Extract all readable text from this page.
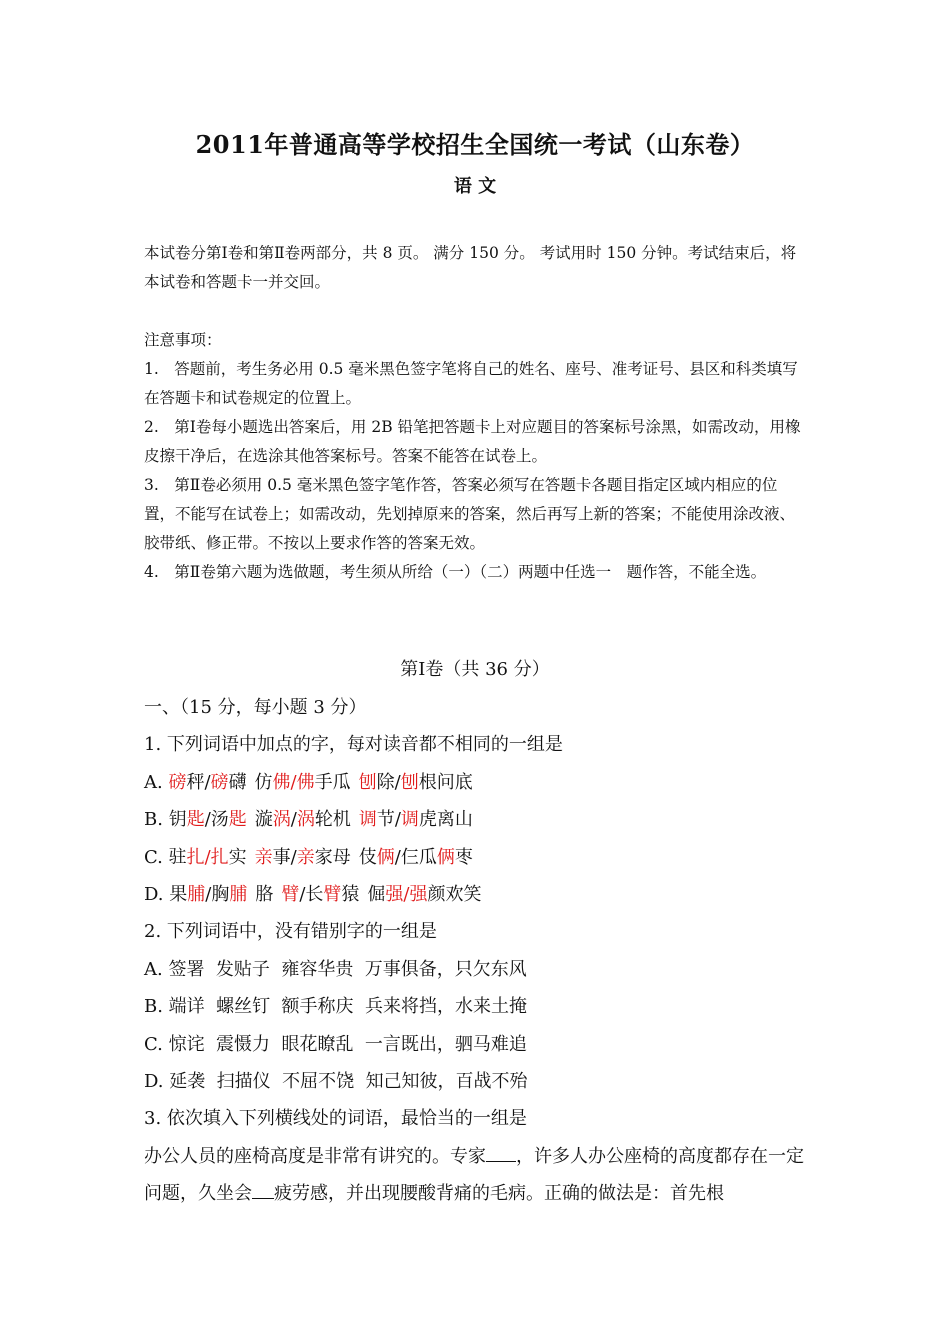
2011年普通高等学校招生全国统一考试（山东卷）
语 文
本试卷分第Ⅰ卷和第Ⅱ卷两部分，共 8 页。 满分 150 分。 考试用时 150 分钟。考试结束后，将本试卷和答题卡一并交回。

注意事项：

1.　答题前，考生务必用 0.5 毫米黑色签字笔将自己的姓名、座号、准考证号、县区和科类填写在答题卡和试卷规定的位置上。

2.　第Ⅰ卷每小题选出答案后，用 2B 铅笔把答题卡上对应题目的答案标号涂黑，如需改动，用橡皮擦干净后，在选涂其他答案标号。答案不能答在试卷上。

3.　第Ⅱ卷必须用 0.5 毫米黑色签字笔作答，答案必须写在答题卡各题目指定区域内相应的位置，不能写在试卷上；如需改动，先划掉原来的答案，然后再写上新的答案；不能使用涂改液、胶带纸、修正带。不按以上要求作答的答案无效。

4.　第Ⅱ卷第六题为选做题，考生须从所给（一）（二）两题中任选一　题作答，不能全选。

第Ⅰ卷（共 36 分）
一、（15 分，每小题 3 分）
1. 下列词语中加点的字，每对读音都不相同的一组是
A. 磅秤/磅礴 仿佛/佛手瓜 刨除/刨根问底
B. 钥匙/汤匙 漩涡/涡轮机 调节/调虎离山
C. 驻扎/扎实 亲事/亲家母 伎俩/仨瓜俩枣
D. 果脯/胸脯 胳 臂/长臂猿 倔强/强颜欢笑
2. 下列词语中，没有错别字的一组是
A. 签署  发贴子  雍容华贵  万事俱备，只欠东风
B. 端详  螺丝钉  额手称庆  兵来将挡，水来土掩
C. 惊诧  震慑力  眼花瞭乱  一言既出，驷马难追
D. 延袭  扫描仪  不屈不饶  知己知彼，百战不殆
3. 依次填入下列横线处的词语，最恰当的一组是
办公人员的座椅高度是非常有讲究的。专家 ，许多人办公座椅的高度都存在一定问题，久坐会 疲劳感，并出现腰酸背痛的毛病。正确的做法是：首先根
